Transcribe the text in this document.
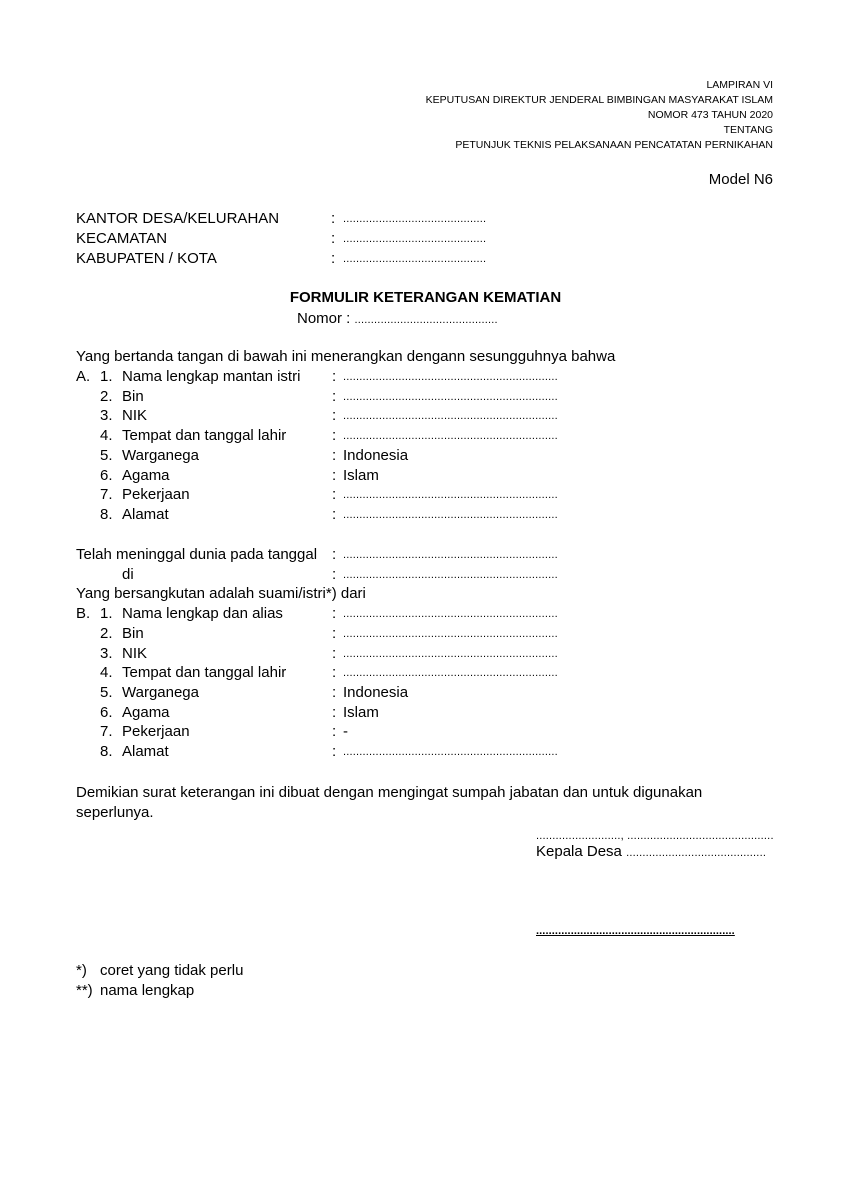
LAMPIRAN VI
KEPUTUSAN DIREKTUR JENDERAL BIMBINGAN MASYARAKAT ISLAM
NOMOR 473 TAHUN 2020
TENTANG
PETUNJUK TEKNIS PELAKSANAAN PENCATATAN PERNIKAHAN
Model N6
KANTOR DESA/KELURAHAN	: ............................................
KECAMATAN	: ............................................
KABUPATEN / KOTA	: ............................................
FORMULIR KETERANGAN KEMATIAN
Nomor : ............................................
Yang bertanda tangan di bawah ini menerangkan dengann sesungguhnya bahwa
A. 1. Nama lengkap mantan istri : ..................................................................
2. Bin	: ..................................................................
3. NIK	: ..................................................................
4. Tempat dan tanggal lahir	: ..................................................................
5. Warganega	: Indonesia
6. Agama	: Islam
7. Pekerjaan	: ..................................................................
8. Alamat	: ..................................................................
Telah meninggal dunia pada tanggal : ..................................................................
di	: ..................................................................
Yang bersangkutan adalah suami/istri*) dari
B. 1. Nama lengkap dan alias	: ..................................................................
2. Bin	: ..................................................................
3. NIK	: ..................................................................
4. Tempat dan tanggal lahir	: ..................................................................
5. Warganega	: Indonesia
6. Agama	: Islam
7. Pekerjaan	: -
8. Alamat	: ..................................................................
Demikian surat keterangan ini dibuat dengan mengingat sumpah jabatan dan untuk digunakan seperlunya.
.........................., .............................................
Kepala Desa ...........................................
...............................................................
*) coret yang tidak perlu
**) nama lengkap
